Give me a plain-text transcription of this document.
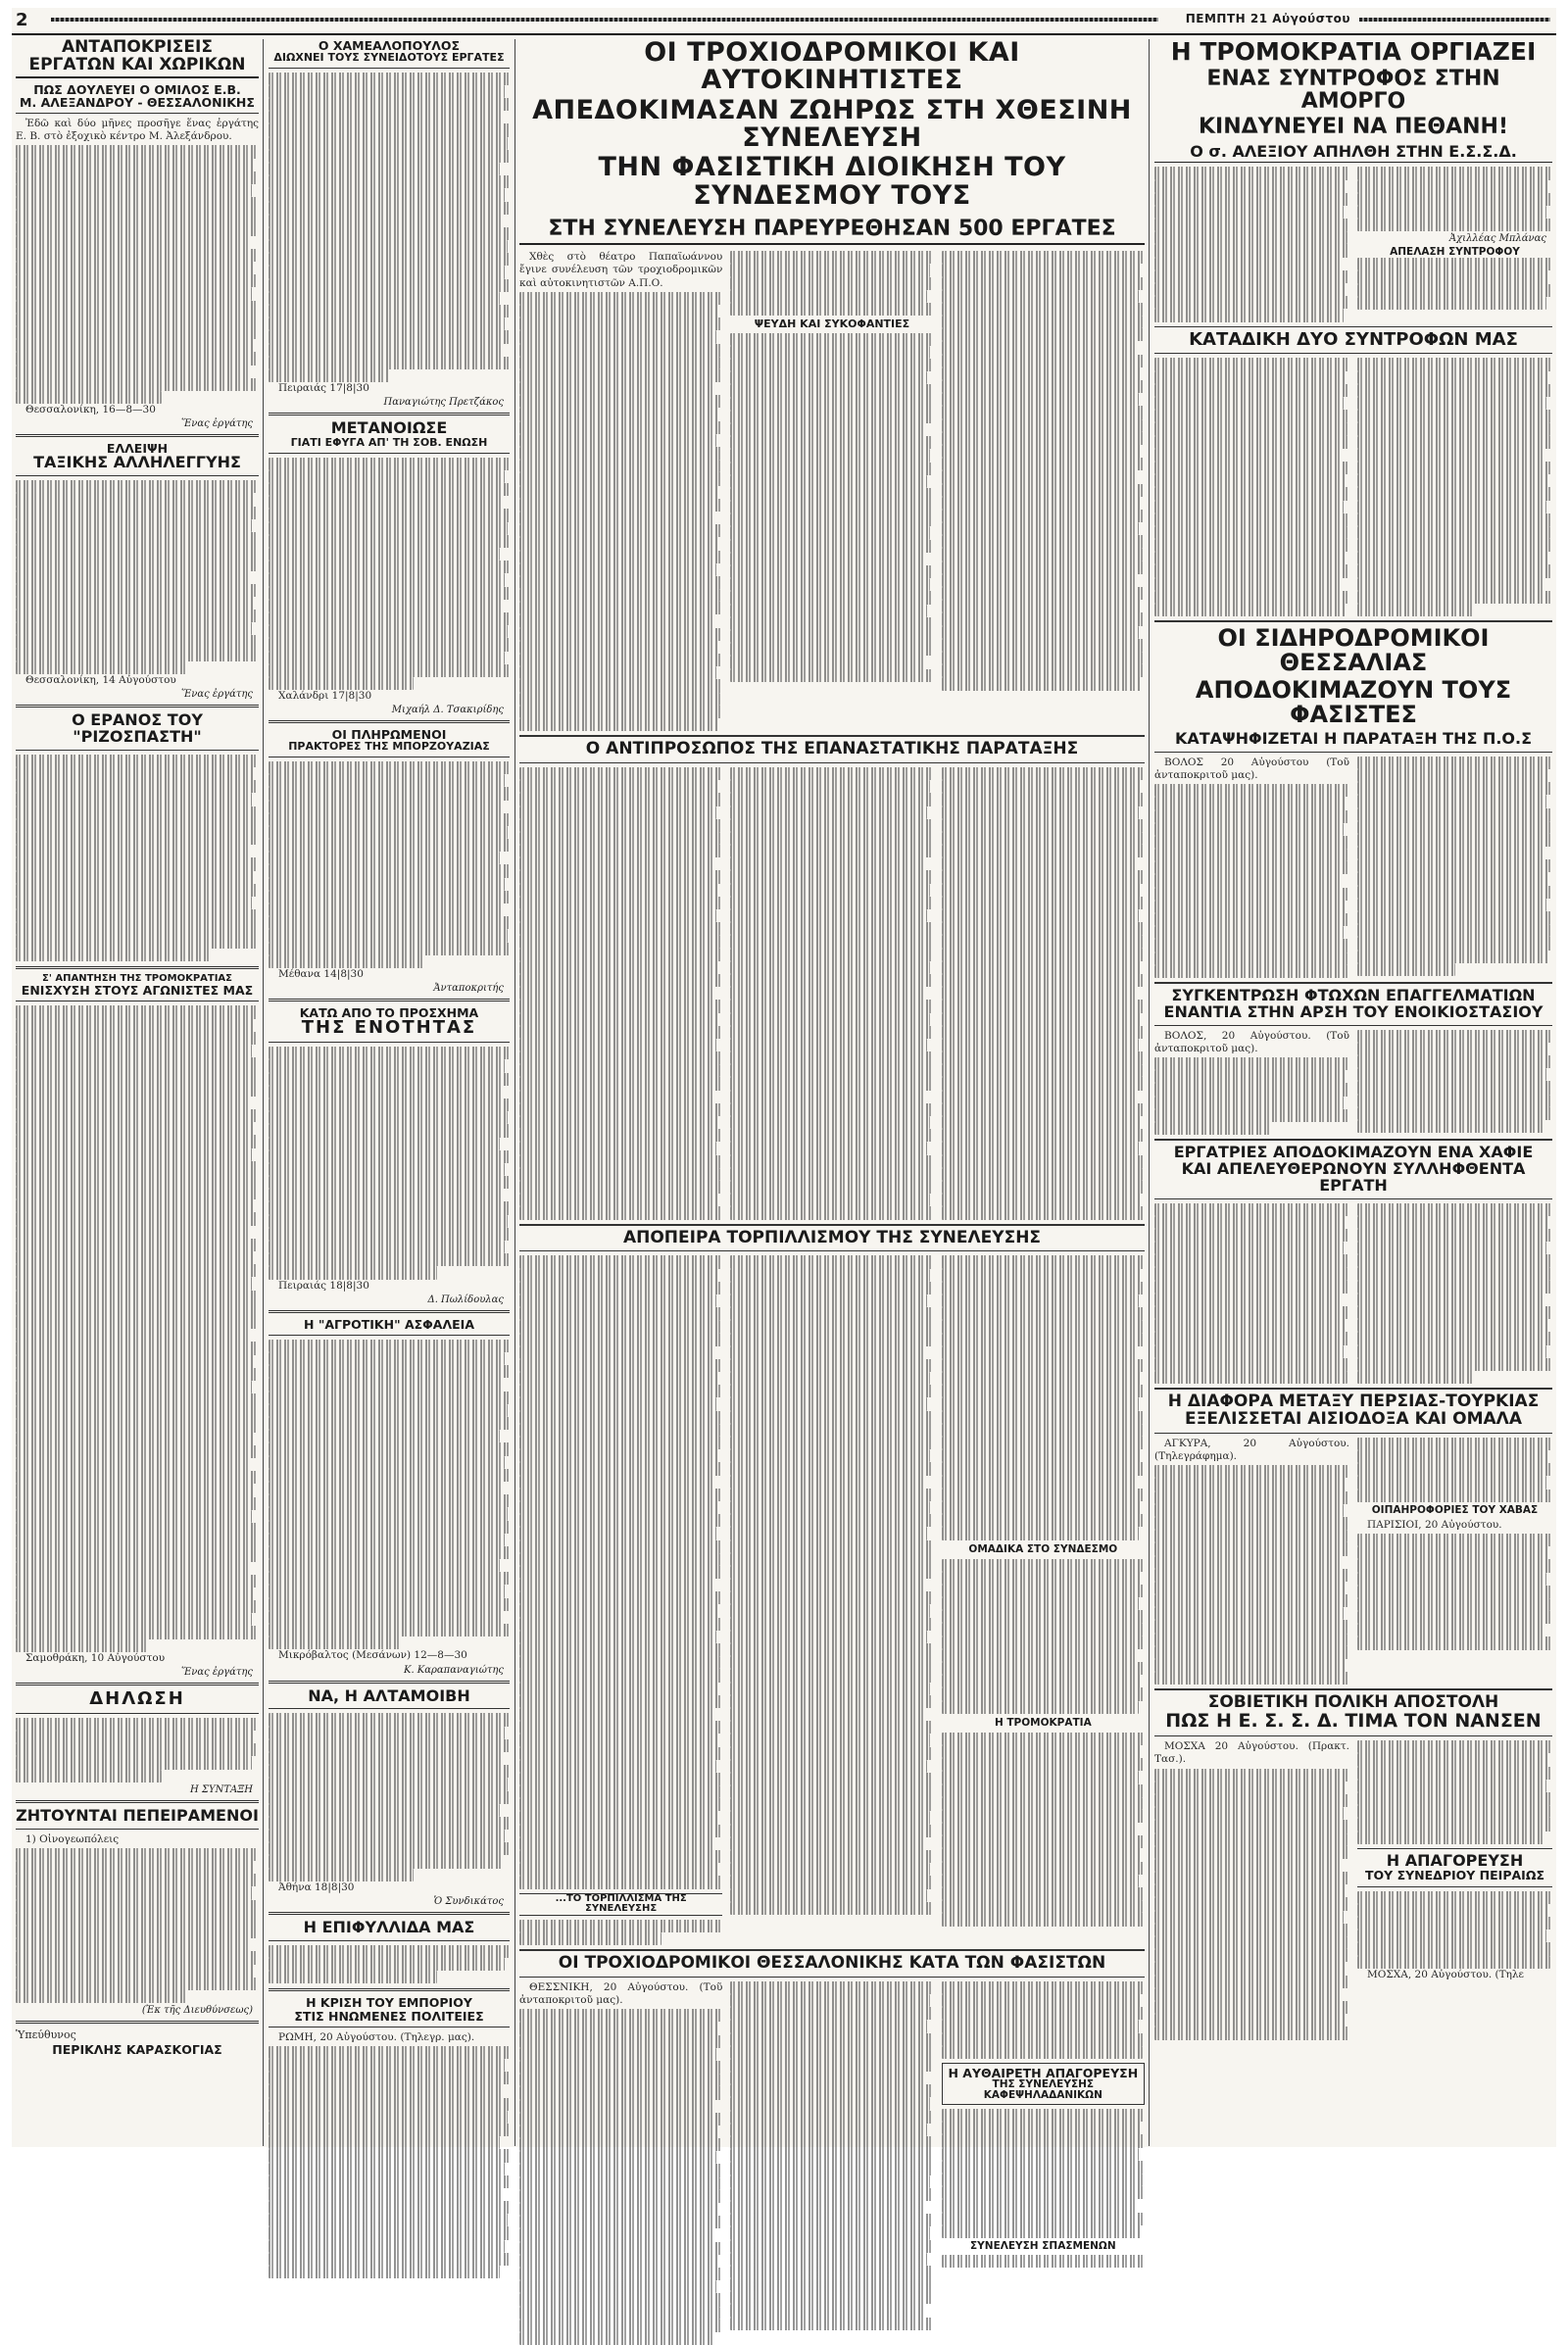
2	ΠΕΜΠΤΗ 21 Αὐγούστου
ΑΝΤΑΠΟΚΡΙΣΕΙΣ ΕΡΓΑΤΩΝ ΚΑΙ ΧΩΡΙΚΩΝ
ΠΩΣ ΔΟΥΛΕΥΕΙ Ο ΟΜΙΛΟΣ Ε.Β.
Μ. ΑΛΕΞΑΝΔΡΟΥ - ΘΕΣΣΑΛΟΝΙΚΗΣ

Ἐδῶ καὶ δύο μῆνες προσῆγε ἕνας ἐργάτης Ε. Β. στὸ ἐξοχικὸ κέντρο Μ. Ἀλεξάνδρου.

Θεσσαλονίκη, 16—8—30

Ἕνας ἐργάτης
ΕΛΛΕΙΨΗ
ΤΑΞΙΚΗΣ ΑΛΛΗΛΕΓΓΥΗΣ

Θεσσαλονίκη, 14 Αὐγούστου

Ἕνας ἐργάτης
Ο ΕΡΑΝΟΣ ΤΟΥ "ΡΙΖΟΣΠΑΣΤΗ"
Σ' ΑΠΑΝΤΗΣΗ ΤΗΣ ΤΡΟΜΟΚΡΑΤΙΑΣ
ΕΝΙΣΧΥΣΗ ΣΤΟΥΣ ΑΓΩΝΙΣΤΕΣ ΜΑΣ

Σαμοθράκη, 10 Αὐγούστου

Ἕνας ἐργάτης
ΔΗΛΩΣΗ
Η ΣΥΝΤΑΞΗ
ΖΗΤΟΥΝΤΑΙ ΠΕΠΕΙΡΑΜΕΝΟΙ

1) Οἰνογεωπόλεις

(Ἐκ τῆς Διευθύνσεως)

Ὑπεύθυνος

ΠΕΡΙΚΛΗΣ ΚΑΡΑΣΚΟΓΙΑΣ
Ο ΧΑΜΕΑΛΟΠΟΥΛΟΣ
ΔΙΩΧΝΕΙ ΤΟΥΣ ΣΥΝΕΙΔΟΤΟΥΣ ΕΡΓΑΤΕΣ

Πειραιάς 17|8|30

Παναγιώτης Πρετζάκος
ΜΕΤΑΝΟΙΩΣΕ
ΓΙΑΤΙ ΕΦΥΓΑ ΑΠ' ΤΗ ΣΟΒ. ΕΝΩΣΗ

Χαλάνδρι 17|8|30

Μιχαήλ Δ. Τσακιρίδης
ΟΙ ΠΛΗΡΩΜΕΝΟΙ
ΠΡΑΚΤΟΡΕΣ ΤΗΣ ΜΠΟΡΖΟΥΑΖΙΑΣ

Μέθανα 14|8|30

Ἀνταποκριτής
ΚΑΤΩ ΑΠΟ ΤΟ ΠΡΟΣΧΗΜΑ
ΤΗΣ ΕΝΟΤΗΤΑΣ

Πειραιάς 18|8|30

Δ. Πωλίδουλας
Η "ΑΓΡΟΤΙΚΗ" ΑΣΦΑΛΕΙΑ

Μικρόβαλτος (Μεσάνων) 12—8—30

Κ. Καραπαναγιώτης
ΝΑ, Η ΑΛΤΑΜΟΙΒΗ

Ἀθήνα 18|8|30

Ὁ Συνδικάτος
Η ΕΠΙΦΥΛΛΙΔΑ ΜΑΣ
Η ΚΡΙΣΗ ΤΟΥ ΕΜΠΟΡΙΟΥ
ΣΤΙΣ ΗΝΩΜΕΝΕΣ ΠΟΛΙΤΕΙΕΣ

ΡΩΜΗ, 20 Αὐγούστου. (Τηλεγρ. μας).

ΟΙ ΤΡΟΧΙΟΔΡΟΜΙΚΟΙ ΚΑΙ ΑΥΤΟΚΙΝΗΤΙΣΤΕΣ
ΑΠΕΔΟΚΙΜΑΣΑΝ ΖΩΗΡΩΣ ΣΤΗ ΧΘΕΣΙΝΗ ΣΥΝΕΛΕΥΣΗ
ΤΗΝ ΦΑΣΙΣΤΙΚΗ ΔΙΟΙΚΗΣΗ ΤΟΥ ΣΥΝΔΕΣΜΟΥ ΤΟΥΣ
ΣΤΗ ΣΥΝΕΛΕΥΣΗ ΠΑΡΕΥΡΕΘΗΣΑΝ 500 ΕΡΓΑΤΕΣ

Χθὲς στὸ θέατρο Παπαϊωάννου ἔγινε συνέλευση τῶν τροχιοδρομικῶν καὶ αὐτοκινητιστῶν Α.Π.Ο.

ΨΕΥΔΗ ΚΑΙ ΣΥΚΟΦΑΝΤΙΕΣ
Ο ΑΝΤΙΠΡΟΣΩΠΟΣ ΤΗΣ ΕΠΑΝΑΣΤΑΤΙΚΗΣ ΠΑΡΑΤΑΞΗΣ
ΑΠΟΠΕΙΡΑ ΤΟΡΠΙΛΛΙΣΜΟΥ ΤΗΣ ΣΥΝΕΛΕΥΣΗΣ
...ΤΟ ΤΟΡΠΙΛΛΙΣΜΑ ΤΗΣ ΣΥΝΕΛΕΥΣΗΣ
ΟΜΑΔΙΚΑ ΣΤΟ ΣΥΝΔΕΣΜΟ
Η ΤΡΟΜΟΚΡΑΤΙΑ
ΟΙ ΤΡΟΧΙΟΔΡΟΜΙΚΟΙ ΘΕΣΣΑΛΟΝΙΚΗΣ ΚΑΤΑ ΤΩΝ ΦΑΣΙΣΤΩΝ

ΘΕΣΣΝΙΚΗ, 20 Αὐγούστου. (Τοῦ ἀνταποκριτοῦ μας).

Η ΑΥΘΑΙΡΕΤΗ ΑΠΑΓΟΡΕΥΣΗ
ΤΗΣ ΣΥΝΕΛΕΥΣΗΣ ΚΑΦΕΨΗΛΑΔΑΝΙΚΩΝ
ΣΥΝΕΛΕΥΣΗ ΣΠΑΣΜΕΝΩΝ
Η ΤΡΟΜΟΚΡΑΤΙΑ ΟΡΓΙΑΖΕΙ
ΕΝΑΣ ΣΥΝΤΡΟΦΟΣ ΣΤΗΝ ΑΜΟΡΓΟ
ΚΙΝΔΥΝΕΥΕΙ ΝΑ ΠΕΘΑΝΗ!
Ο σ. ΑΛΕΞΙΟΥ ΑΠΗΛΘΗ ΣΤΗΝ Ε.Σ.Σ.Δ.
Ἀχιλλέας Μπλάνας
ΑΠΕΛΑΣΗ ΣΥΝΤΡΟΦΟΥ
ΚΑΤΑΔΙΚΗ ΔΥΟ ΣΥΝΤΡΟΦΩΝ ΜΑΣ
ΟΙ ΣΙΔΗΡΟΔΡΟΜΙΚΟΙ ΘΕΣΣΑΛΙΑΣ
ΑΠΟΔΟΚΙΜΑΖΟΥΝ ΤΟΥΣ ΦΑΣΙΣΤΕΣ
ΚΑΤΑΨΗΦΙΖΕΤΑΙ Η ΠΑΡΑΤΑΞΗ ΤΗΣ Π.Ο.Σ

ΒΟΛΟΣ 20 Αὐγούστου (Τοῦ ἀνταποκριτοῦ μας).

ΣΥΓΚΕΝΤΡΩΣΗ ΦΤΩΧΩΝ ΕΠΑΓΓΕΛΜΑΤΙΩΝ
ΕΝΑΝΤΙΑ ΣΤΗΝ ΑΡΣΗ ΤΟΥ ΕΝΟΙΚΙΟΣΤΑΣΙΟΥ

ΒΟΛΟΣ, 20 Αὐγούστου. (Τοῦ ἀνταποκριτοῦ μας).

ΕΡΓΑΤΡΙΕΣ ΑΠΟΔΟΚΙΜΑΖΟΥΝ ΕΝΑ ΧΑΦΙΕ
ΚΑΙ ΑΠΕΛΕΥΘΕΡΩΝΟΥΝ ΣΥΛΛΗΦΘΕΝΤΑ ΕΡΓΑΤΗ
Η ΔΙΑΦΟΡΑ ΜΕΤΑΞΥ ΠΕΡΣΙΑΣ-ΤΟΥΡΚΙΑΣ
ΕΞΕΛΙΣΣΕΤΑΙ ΑΙΣΙΟΔΟΞΑ ΚΑΙ ΟΜΑΛΑ

ΑΓΚΥΡΑ, 20 Αὐγούστου. (Τηλεγράφημα).

ΟΙΠΑΗΡΟΦΟΡΙΕΣ ΤΟΥ ΧΑΒΑΣ

ΠΑΡΙΣΙΟΙ, 20 Αὐγούστου.

ΣΟΒΙΕΤΙΚΗ ΠΟΛΙΚΗ ΑΠΟΣΤΟΛΗ
ΠΩΣ Η Ε. Σ. Σ. Δ. ΤΙΜΑ ΤΟΝ ΝΑΝΣΕΝ

ΜΟΣΧΑ 20 Αὐγούστου. (Πρακτ. Τασ.).

Η ΑΠΑΓΟΡΕΥΣΗ
ΤΟΥ ΣΥΝΕΔΡΙΟΥ ΠΕΙΡΑΙΩΣ

ΜΟΣΧΑ, 20 Αὐγούστου. (Τηλε
